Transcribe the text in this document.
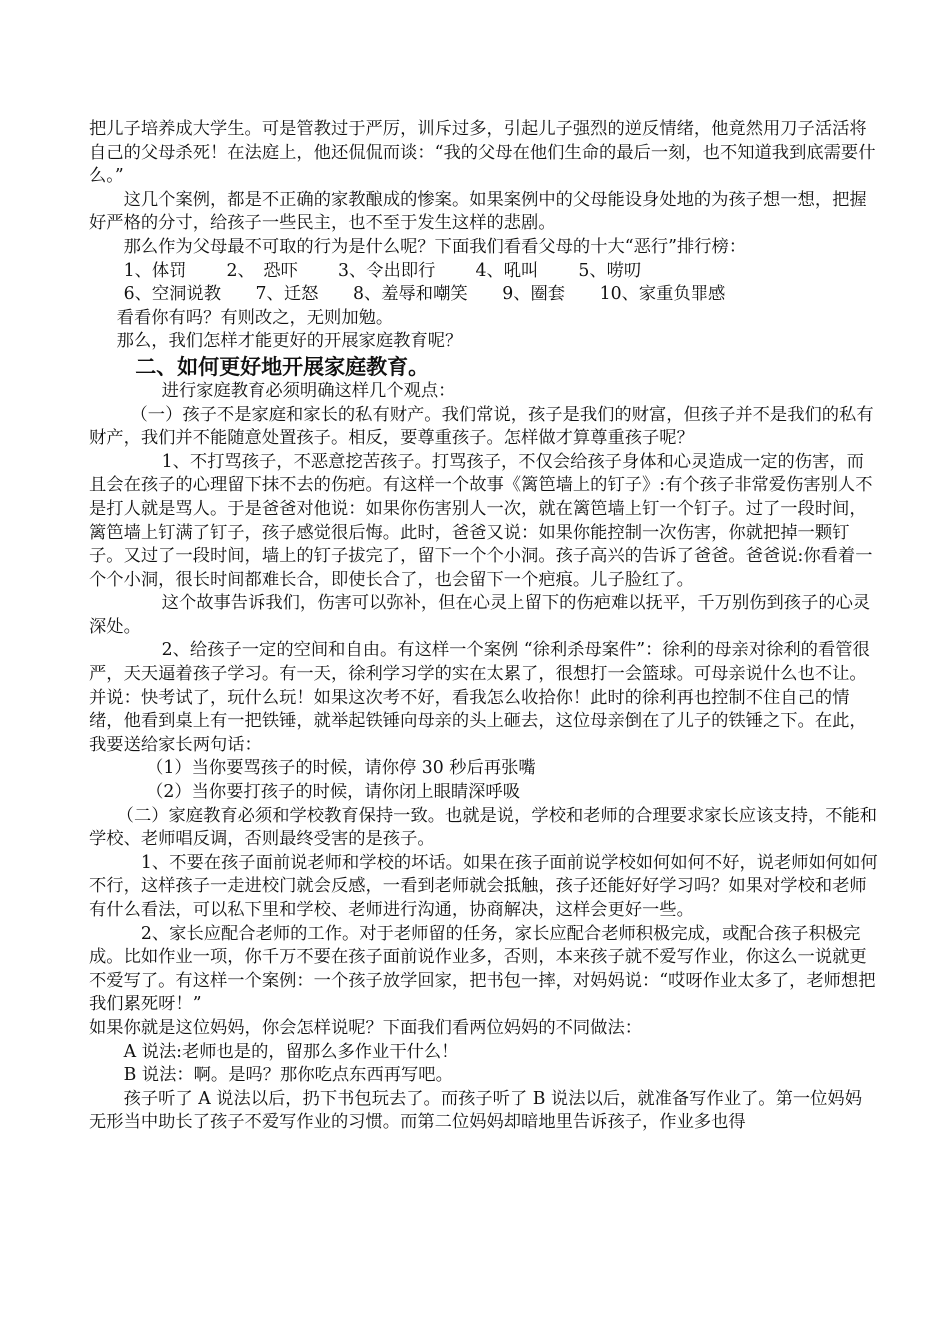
把儿子培养成大学生。可是管教过于严厉，训斥过多，引起儿子强烈的逆反情绪，他竟然用刀子活活将自己的父母杀死！在法庭上，他还侃侃而谈：“我的父母在他们生命的最后一刻，也不知道我到底需要什么。”

这几个案例，都是不正确的家教酿成的惨案。如果案例中的父母能设身处地的为孩子想一想，把握好严格的分寸，给孩子一些民主，也不至于发生这样的悲剧。

那么作为父母最不可取的行为是什么呢？下面我们看看父母的十大“恶行”排行榜：

1、体罚　　 2、　恐吓　　 3、令出即行　　 4、吼叫　　 5、唠叨

6、空洞说教　　7、迁怒　　8、羞辱和嘲笑　　9、圈套　　10、家重负罪感

看看你有吗？有则改之，无则加勉。

那么，我们怎样才能更好的开展家庭教育呢？

二、如何更好地开展家庭教育。

进行家庭教育必须明确这样几个观点：

（一）孩子不是家庭和家长的私有财产。我们常说，孩子是我们的财富，但孩子并不是我们的私有财产，我们并不能随意处置孩子。相反，要尊重孩子。怎样做才算尊重孩子呢？

1、不打骂孩子，不恶意挖苦孩子。打骂孩子，不仅会给孩子身体和心灵造成一定的伤害，而且会在孩子的心理留下抹不去的伤疤。有这样一个故事《篱笆墙上的钉子》:有个孩子非常爱伤害别人不是打人就是骂人。于是爸爸对他说：如果你伤害别人一次，就在篱笆墙上钉一个钉子。过了一段时间，篱笆墙上钉满了钉子，孩子感觉很后悔。此时，爸爸又说：如果你能控制一次伤害，你就把掉一颗钉子。又过了一段时间，墙上的钉子拔完了，留下一个个小洞。孩子高兴的告诉了爸爸。爸爸说:你看着一个个小洞，很长时间都难长合，即使长合了，也会留下一个疤痕。儿子脸红了。

这个故事告诉我们，伤害可以弥补，但在心灵上留下的伤疤难以抚平，千万别伤到孩子的心灵深处。

2、给孩子一定的空间和自由。有这样一个案例 “徐利杀母案件”：徐利的母亲对徐利的看管很严，天天逼着孩子学习。有一天，徐利学习学的实在太累了，很想打一会篮球。可母亲说什么也不让。并说：快考试了，玩什么玩！如果这次考不好，看我怎么收拾你！此时的徐利再也控制不住自己的情绪，他看到桌上有一把铁锤，就举起铁锤向母亲的头上砸去，这位母亲倒在了儿子的铁锤之下。在此，我要送给家长两句话：

（1）当你要骂孩子的时候，请你停 30 秒后再张嘴

（2）当你要打孩子的时候，请你闭上眼睛深呼吸

（二）家庭教育必须和学校教育保持一致。也就是说，学校和老师的合理要求家长应该支持，不能和学校、老师唱反调，否则最终受害的是孩子。

1、不要在孩子面前说老师和学校的坏话。如果在孩子面前说学校如何如何不好，说老师如何如何不行，这样孩子一走进校门就会反感，一看到老师就会抵触，孩子还能好好学习吗？如果对学校和老师有什么看法，可以私下里和学校、老师进行沟通，协商解决，这样会更好一些。

2、家长应配合老师的工作。对于老师留的任务，家长应配合老师积极完成，或配合孩子积极完成。比如作业一项，你千万不要在孩子面前说作业多，否则，本来孩子就不爱写作业，你这么一说就更不爱写了。有这样一个案例：一个孩子放学回家，把书包一摔，对妈妈说：“哎呀作业太多了，老师想把我们累死呀！”

如果你就是这位妈妈，你会怎样说呢？下面我们看两位妈妈的不同做法：

A 说法:老师也是的，留那么多作业干什么！

B 说法：啊。是吗？那你吃点东西再写吧。

孩子听了 A 说法以后，扔下书包玩去了。而孩子听了 B 说法以后，就准备写作业了。第一位妈妈无形当中助长了孩子不爱写作业的习惯。而第二位妈妈却暗地里告诉孩子，作业多也得
